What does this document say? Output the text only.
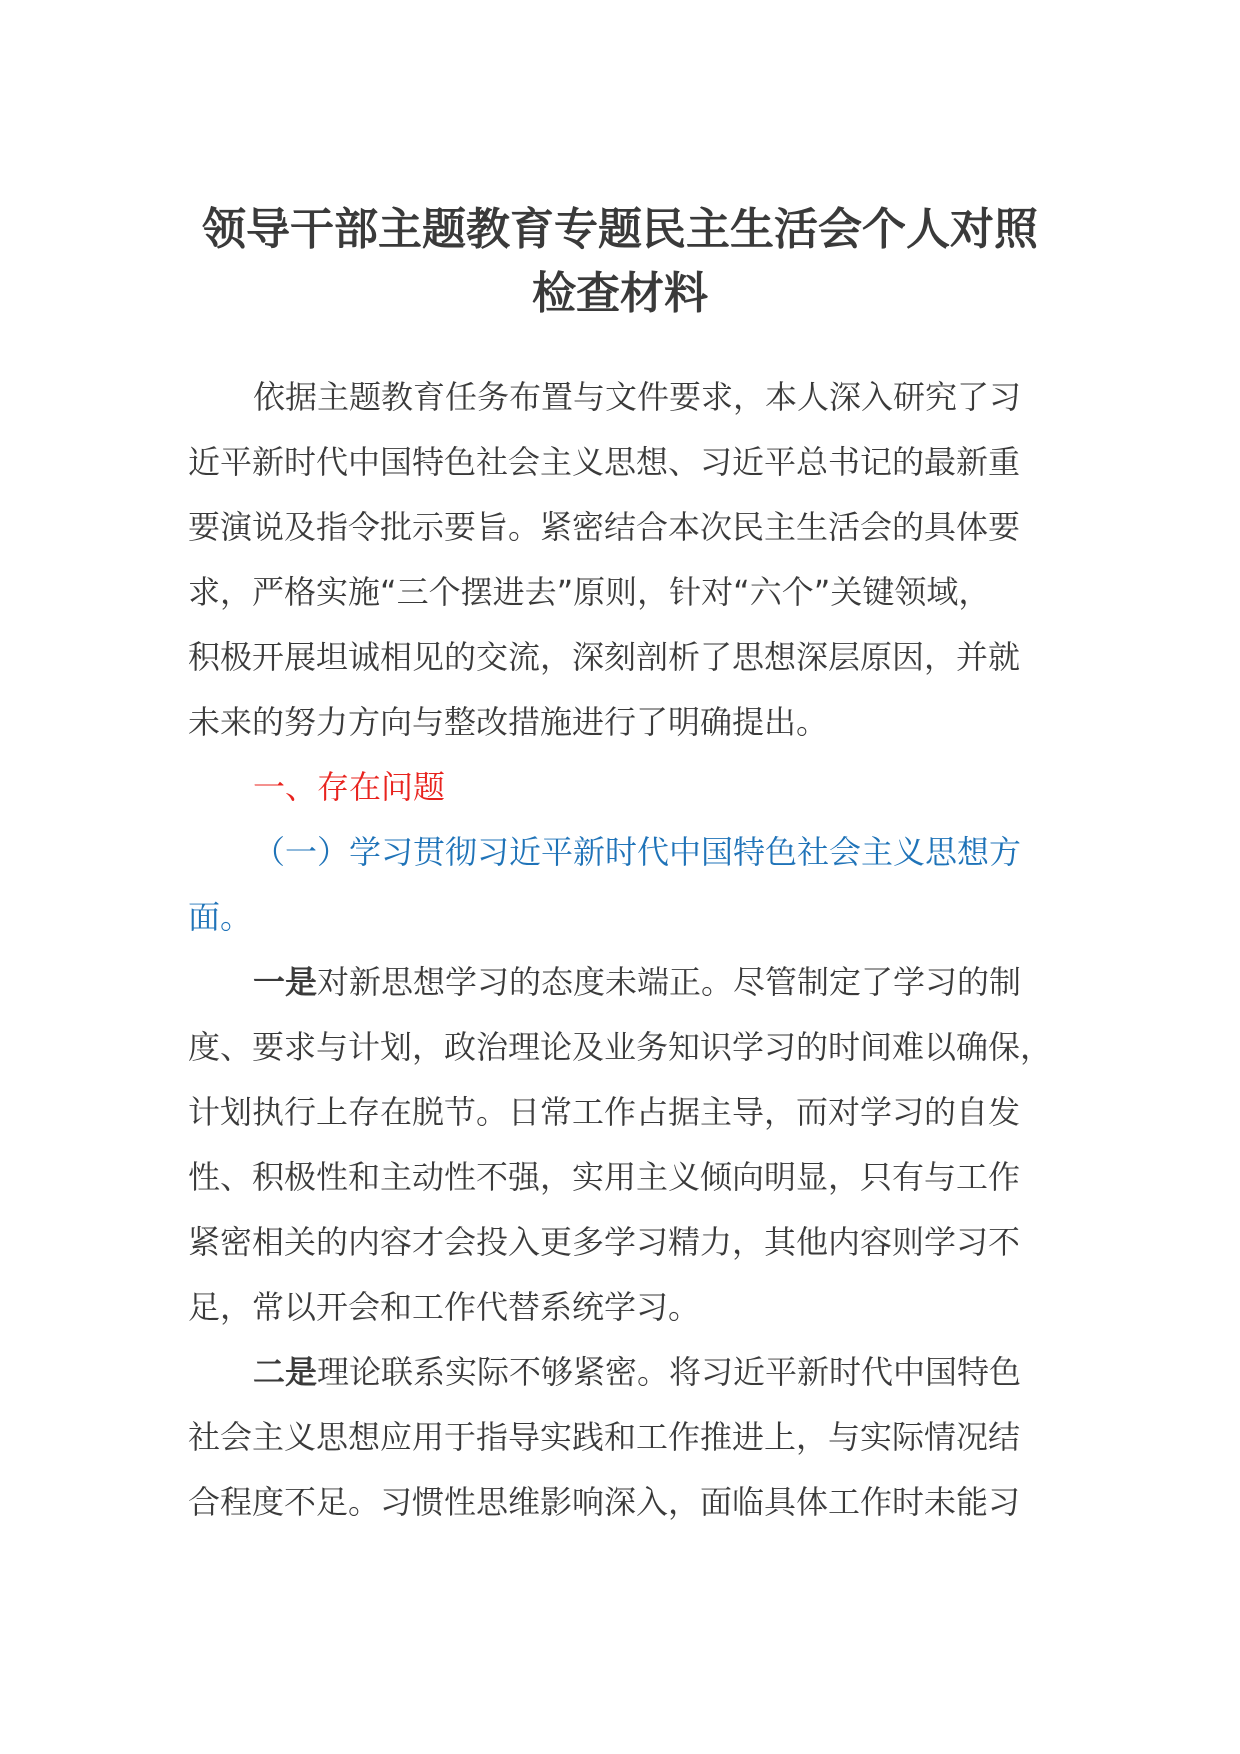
领导干部主题教育专题民主生活会个人对照
检查材料
依据主题教育任务布置与文件要求，本人深入研究了习
近平新时代中国特色社会主义思想、习近平总书记的最新重
要演说及指令批示要旨。紧密结合本次民主生活会的具体要
求，严格实施“三个摆进去”原则，针对“六个”关键领域，
积极开展坦诚相见的交流，深刻剖析了思想深层原因，并就
未来的努力方向与整改措施进行了明确提出。
一、存在问题
（一）学习贯彻习近平新时代中国特色社会主义思想方
面。
一是对新思想学习的态度未端正。尽管制定了学习的制
度、要求与计划，政治理论及业务知识学习的时间难以确保，
计划执行上存在脱节。日常工作占据主导，而对学习的自发
性、积极性和主动性不强，实用主义倾向明显，只有与工作
紧密相关的内容才会投入更多学习精力，其他内容则学习不
足，常以开会和工作代替系统学习。
二是理论联系实际不够紧密。将习近平新时代中国特色
社会主义思想应用于指导实践和工作推进上，与实际情况结
合程度不足。习惯性思维影响深入，面临具体工作时未能习
